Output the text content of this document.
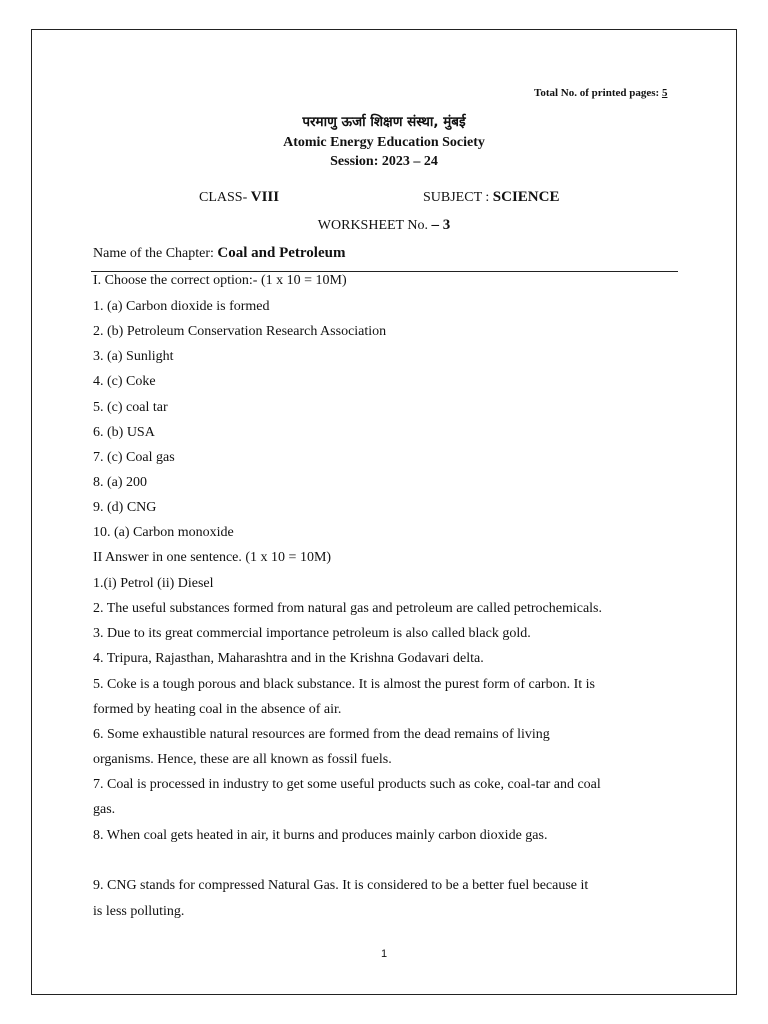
Total No. of printed pages: 5
परमाणु ऊर्जा शिक्षण संस्था, मुंबई
Atomic Energy Education Society
Session: 2023 – 24
CLASS- VIII	SUBJECT : SCIENCE
WORKSHEET No. – 3
Name of the Chapter: Coal and Petroleum
I. Choose the correct option:- (1 x 10 = 10M)
1. (a) Carbon dioxide is formed
2. (b) Petroleum Conservation Research Association
3. (a) Sunlight
4. (c) Coke
5. (c) coal tar
6. (b) USA
7. (c) Coal gas
8. (a) 200
9. (d) CNG
10. (a) Carbon monoxide
II Answer in one sentence. (1 x 10 = 10M)
1.(i) Petrol (ii) Diesel
2. The useful substances formed from natural gas and petroleum are called petrochemicals.
3. Due to its great commercial importance petroleum is also called black gold.
4. Tripura, Rajasthan, Maharashtra and in the Krishna Godavari delta.
5. Coke is a tough porous and black substance. It is almost the purest form of carbon. It is
formed by heating coal in the absence of air.
6. Some exhaustible natural resources are formed from the dead remains of living
organisms. Hence, these are all known as fossil fuels.
7. Coal is processed in industry to get some useful products such as coke, coal-tar and coal
gas.
8. When coal gets heated in air, it burns and produces mainly carbon dioxide gas.
9. CNG stands for compressed Natural Gas. It is considered to be a better fuel because it
is less polluting.
1
